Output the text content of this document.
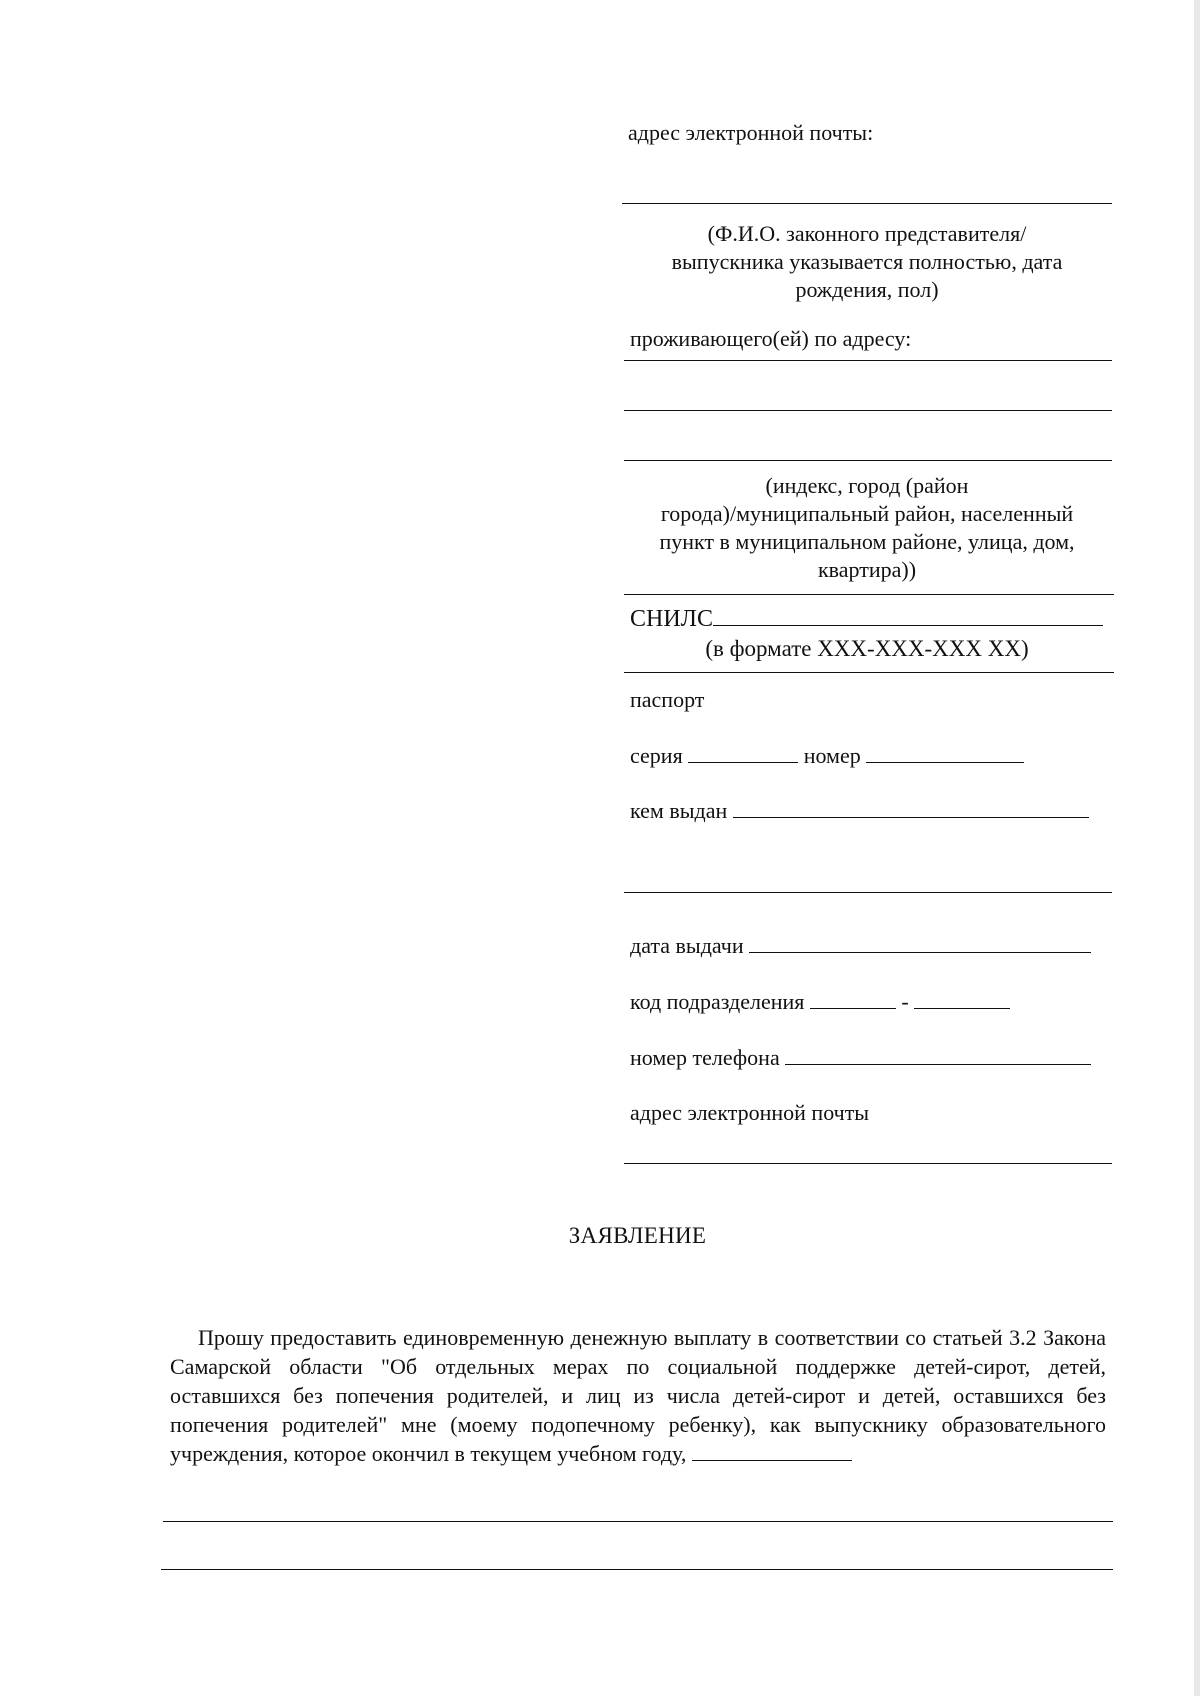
адрес электронной почты:
(Ф.И.О. законного представителя/
выпускника указывается полностью, дата
рождения, пол)
проживающего(ей) по адресу:
(индекс, город (район
города)/муниципальный район, населенный
пункт в муниципальном районе, улица, дом,
квартира))
СНИЛС
(в формате XXX-XXX-XXX XX)
паспорт
серия	номер
кем выдан
дата выдачи
код подразделения	-
номер телефона
адрес электронной почты
ЗАЯВЛЕНИЕ

Прошу предоставить единовременную денежную выплату в соответствии со статьей 3.2 Закона Самарской области "Об отдельных мерах по социальной поддержке детей-сирот, детей, оставшихся без попечения родителей, и лиц из числа детей-сирот и детей, оставшихся без попечения родителей" мне (моему подопечному ребенку), как выпускнику образовательного учреждения, которое окончил в текущем учебном году,
